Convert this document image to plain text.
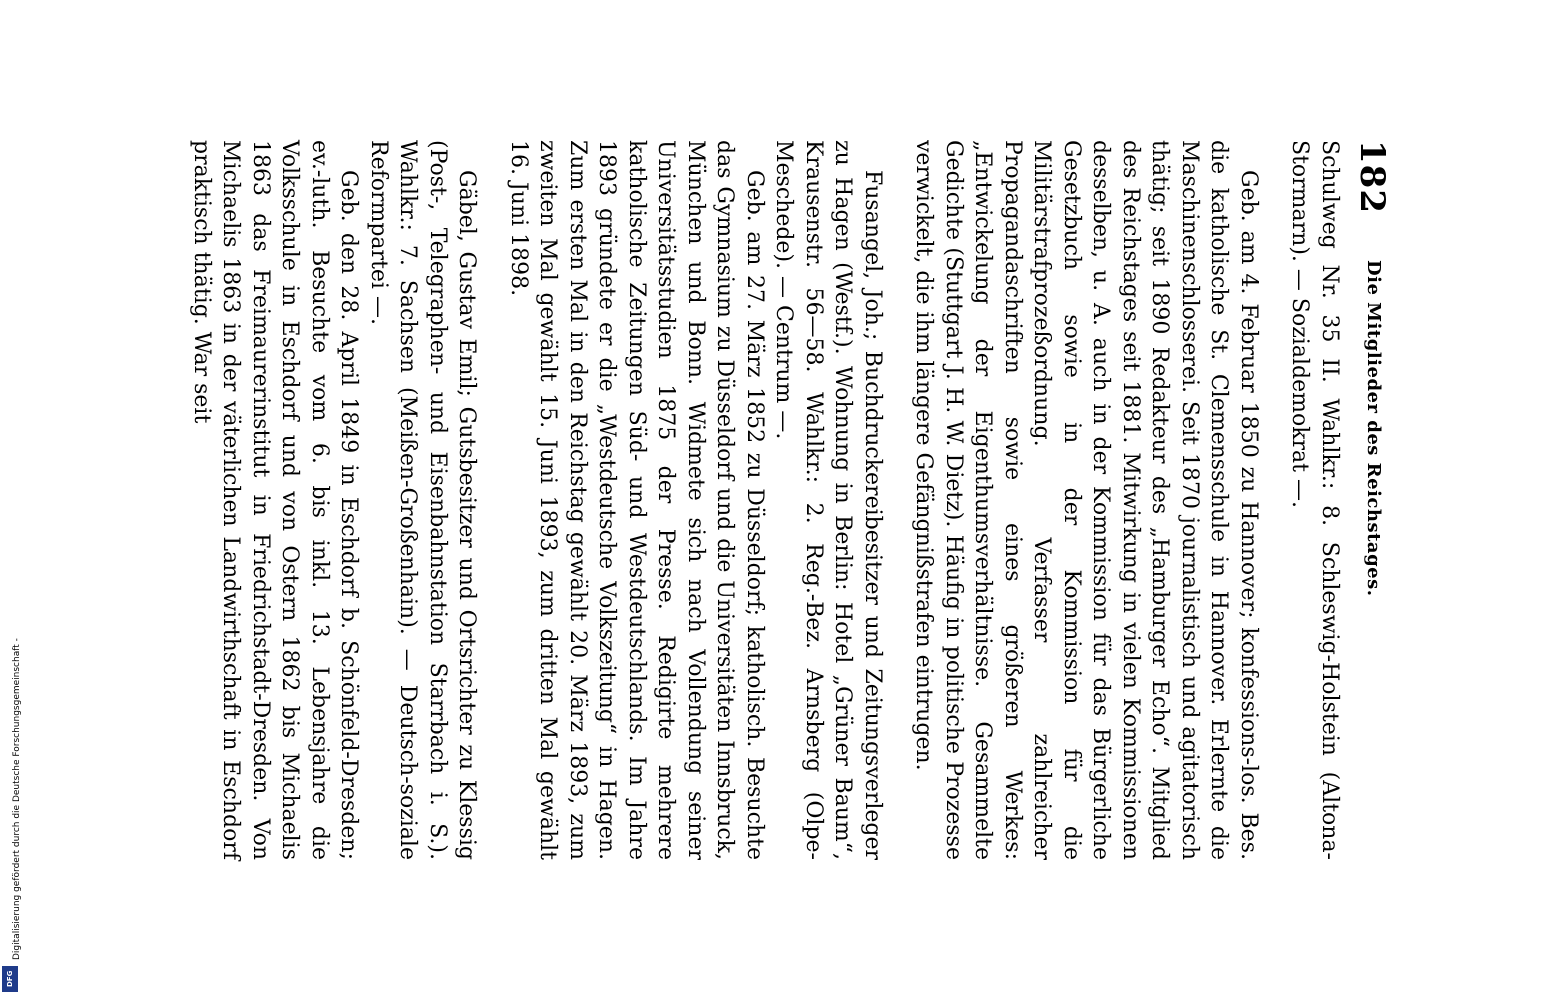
Digitalisierung gefördert durch die Deutsche Forschungsgemeinschaft -
DFG
182
Die Mitglieder des Reichstages.

Schulweg Nr. 35 II. Wahlkr.: 8. Schleswig-Holstein (Altona-Stormarn). — Sozialdemokrat —.

Geb. am 4. Februar 1850 zu Hannover; konfessions-los. Bes. die katholische St. Clemensschule in Hannover. Erlernte die Maschinenschlosserei. Seit 1870 journalistisch und agitatorisch thätig; seit 1890 Redakteur des „Hamburger Echo“. Mitglied des Reichstages seit 1881. Mitwirkung in vielen Kommissionen desselben, u. A. auch in der Kommission für das Bürgerliche Gesetzbuch sowie in der Kommission für die Militärstrafprozeßordnung. Verfasser zahlreicher Propagandaschriften sowie eines größeren Werkes: „Entwickelung der Eigenthumsverhältnisse. Gesammelte Gedichte (Stuttgart J. H. W. Dietz). Häufig in politische Prozesse verwickelt, die ihm längere Gefängnißstrafen eintrugen.

Fusangel, Joh.; Buchdruckereibesitzer und Zeitungsverleger zu Hagen (Westf.). Wohnung in Berlin: Hotel „Grüner Baum“, Krausenstr. 56—58. Wahlkr.: 2. Reg.-Bez. Arnsberg (Olpe-Meschede). — Centrum —.

Geb. am 27. März 1852 zu Düsseldorf; katholisch. Besuchte das Gymnasium zu Düsseldorf und die Universitäten Innsbruck, München und Bonn. Widmete sich nach Vollendung seiner Universitätsstudien 1875 der Presse. Redigirte mehrere katholische Zeitungen Süd- und Westdeutschlands. Im Jahre 1893 gründete er die „Westdeutsche Volkszeitung“ in Hagen. Zum ersten Mal in den Reichstag gewählt 20. März 1893, zum zweiten Mal gewählt 15. Juni 1893, zum dritten Mal gewählt 16. Juni 1898.

Gäbel, Gustav Emil; Gutsbesitzer und Ortsrichter zu Klessig (Post-, Telegraphen- und Eisenbahnstation Starrbach i. S.). Wahlkr.: 7. Sachsen (Meißen-Großenhain). — Deutsch-soziale Reformpartei —.

Geb. den 28. April 1849 in Eschdorf b. Schönfeld-Dresden; ev.-luth. Besuchte vom 6. bis inkl. 13. Lebensjahre die Volksschule in Eschdorf und von Ostern 1862 bis Michaelis 1863 das Freimaurerinstitut in Friedrichstadt-Dresden. Von Michaelis 1863 in der väterlichen Landwirthschaft in Eschdorf praktisch thätig. War seit
